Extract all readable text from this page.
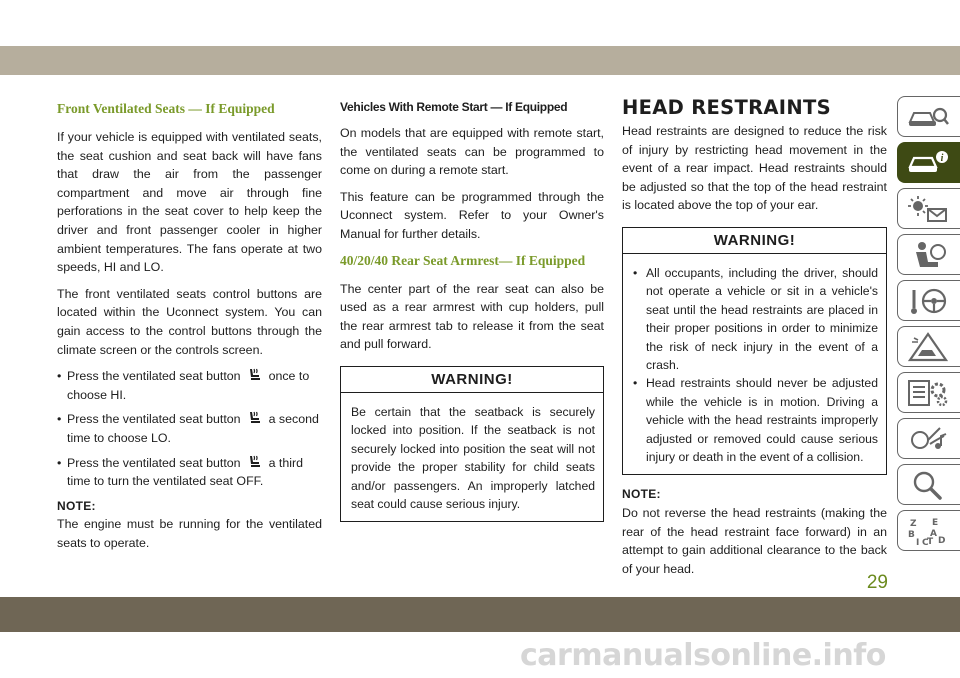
Front Ventilated Seats — If Equipped

If your vehicle is equipped with ventilated seats, the seat cushion and seat back will have fans that draw the air from the passenger compartment and move air through fine perforations in the seat cover to help keep the driver and front passenger cooler in higher ambient temperatures. The fans operate at two speeds, HI and LO.

The front ventilated seats control buttons are located within the Uconnect system. You can gain access to the control buttons through the climate screen or the controls screen.

• Press the ventilated seat button once to choose HI.
• Press the ventilated seat button a second time to choose LO.
• Press the ventilated seat button a third time to turn the ventilated seat OFF.
NOTE:

The engine must be running for the ventilated seats to operate.

Vehicles With Remote Start — If Equipped

On models that are equipped with remote start, the ventilated seats can be programmed to come on during a remote start.

This feature can be programmed through the Uconnect system. Refer to your Owner's Manual for further details.

40/20/40 Rear Seat Armrest— If Equipped

The center part of the rear seat can also be used as a rear armrest with cup holders, pull the rear armrest tab to release it from the seat and pull forward.

WARNING!
Be certain that the seatback is securely locked into position. If the seatback is not securely locked into position the seat will not provide the proper stability for child seats and/or passengers. An improperly latched seat could cause serious injury.
HEAD RESTRAINTS

Head restraints are designed to reduce the risk of injury by restricting head movement in the event of a rear impact. Head restraints should be adjusted so that the top of the head restraint is located above the top of your ear.

WARNING!
• All occupants, including the driver, should not operate a vehicle or sit in a vehicle's seat until the head restraints are placed in their proper positions in order to minimize the risk of neck injury in the event of a crash.
• Head restraints should never be adjusted while the vehicle is in motion. Driving a vehicle with the head restraints improperly adjusted or removed could cause serious injury or death in the event of a collision.
NOTE:

Do not reverse the head restraints (making the rear of the head restraint face forward) in an attempt to gain additional clearance to the back of your head.

29
carmanualsonline.info
i
Z E
B A
I C
T D
